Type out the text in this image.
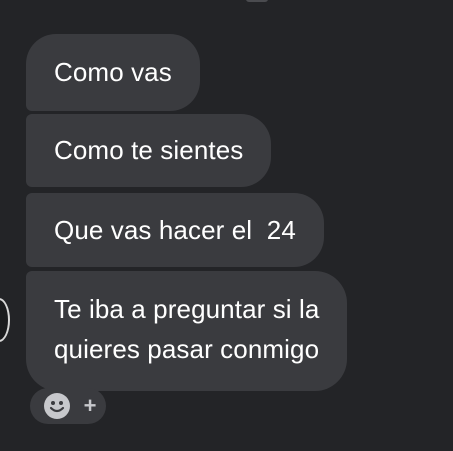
Como vas
Como te sientes
Que vas hacer el  24
Te iba a preguntar si la
quieres pasar conmigo
+
